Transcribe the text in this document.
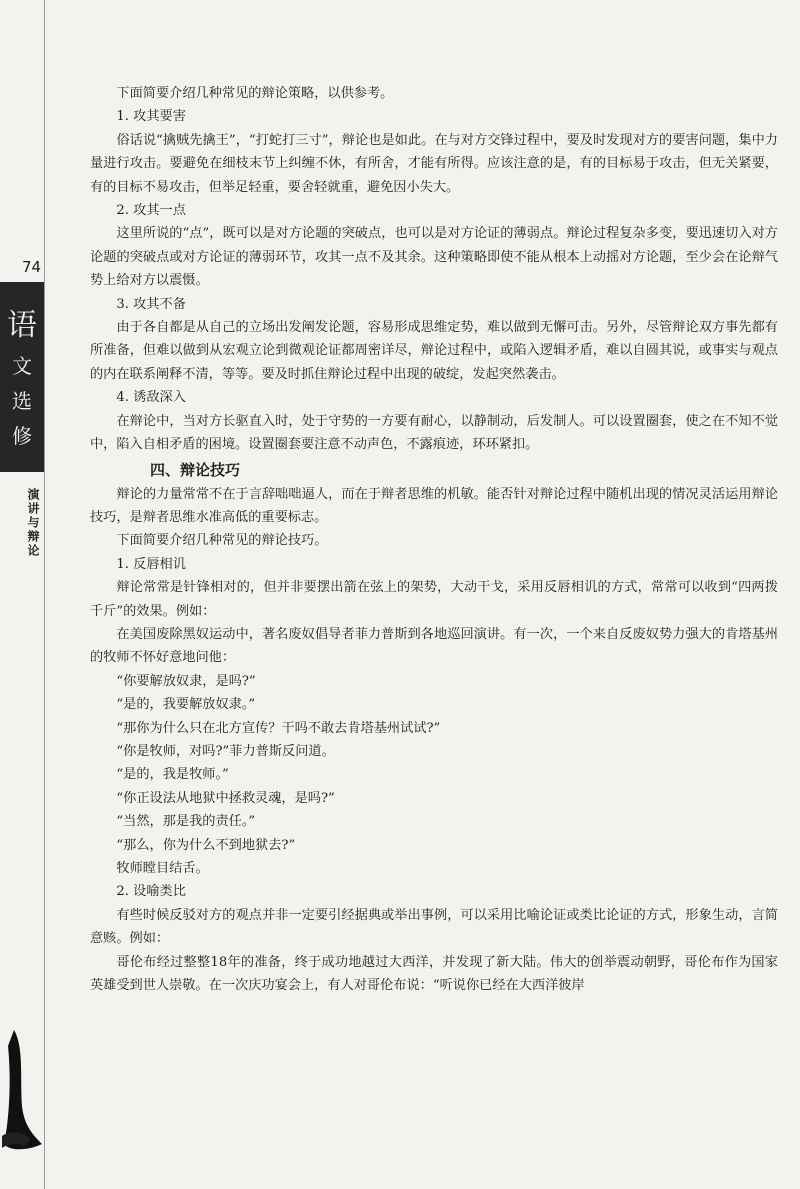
74
语
文
选
修
演讲与辩论

下面简要介绍几种常见的辩论策略，以供参考。

1. 攻其要害

俗话说“擒贼先擒王”，“打蛇打三寸”，辩论也是如此。在与对方交锋过程中，要及时发现对方的要害问题，集中力量进行攻击。要避免在细枝末节上纠缠不休，有所舍，才能有所得。应该注意的是，有的目标易于攻击，但无关紧要，有的目标不易攻击，但举足轻重，要舍轻就重，避免因小失大。

2. 攻其一点

这里所说的“点”，既可以是对方论题的突破点，也可以是对方论证的薄弱点。辩论过程复杂多变，要迅速切入对方论题的突破点或对方论证的薄弱环节，攻其一点不及其余。这种策略即使不能从根本上动摇对方论题，至少会在论辩气势上给对方以震慑。

3. 攻其不备

由于各自都是从自己的立场出发阐发论题，容易形成思维定势，难以做到无懈可击。另外，尽管辩论双方事先都有所准备，但难以做到从宏观立论到微观论证都周密详尽，辩论过程中，或陷入逻辑矛盾，难以自圆其说，或事实与观点的内在联系阐释不清，等等。要及时抓住辩论过程中出现的破绽，发起突然袭击。

4. 诱敌深入

在辩论中，当对方长驱直入时，处于守势的一方要有耐心，以静制动，后发制人。可以设置圈套，使之在不知不觉中，陷入自相矛盾的困境。设置圈套要注意不动声色，不露痕迹，环环紧扣。

四、辩论技巧

辩论的力量常常不在于言辞咄咄逼人，而在于辩者思维的机敏。能否针对辩论过程中随机出现的情况灵活运用辩论技巧，是辩者思维水准高低的重要标志。

下面简要介绍几种常见的辩论技巧。

1. 反唇相讥

辩论常常是针锋相对的，但并非要摆出箭在弦上的架势，大动干戈，采用反唇相讥的方式，常常可以收到“四两拨千斤”的效果。例如：

在美国废除黑奴运动中，著名废奴倡导者菲力普斯到各地巡回演讲。有一次，一个来自反废奴势力强大的肯塔基州的牧师不怀好意地问他：

“你要解放奴隶，是吗?”

“是的，我要解放奴隶。”

“那你为什么只在北方宣传？干吗不敢去肯塔基州试试?”

“你是牧师，对吗?”菲力普斯反问道。

“是的，我是牧师。”

“你正设法从地狱中拯救灵魂，是吗?”

“当然，那是我的责任。”

“那么，你为什么不到地狱去?”

牧师瞠目结舌。

2. 设喻类比

有些时候反驳对方的观点并非一定要引经据典或举出事例，可以采用比喻论证或类比论证的方式，形象生动，言简意赅。例如：

哥伦布经过整整18年的准备，终于成功地越过大西洋，并发现了新大陆。伟大的创举震动朝野，哥伦布作为国家英雄受到世人崇敬。在一次庆功宴会上，有人对哥伦布说：“听说你已经在大西洋彼岸
